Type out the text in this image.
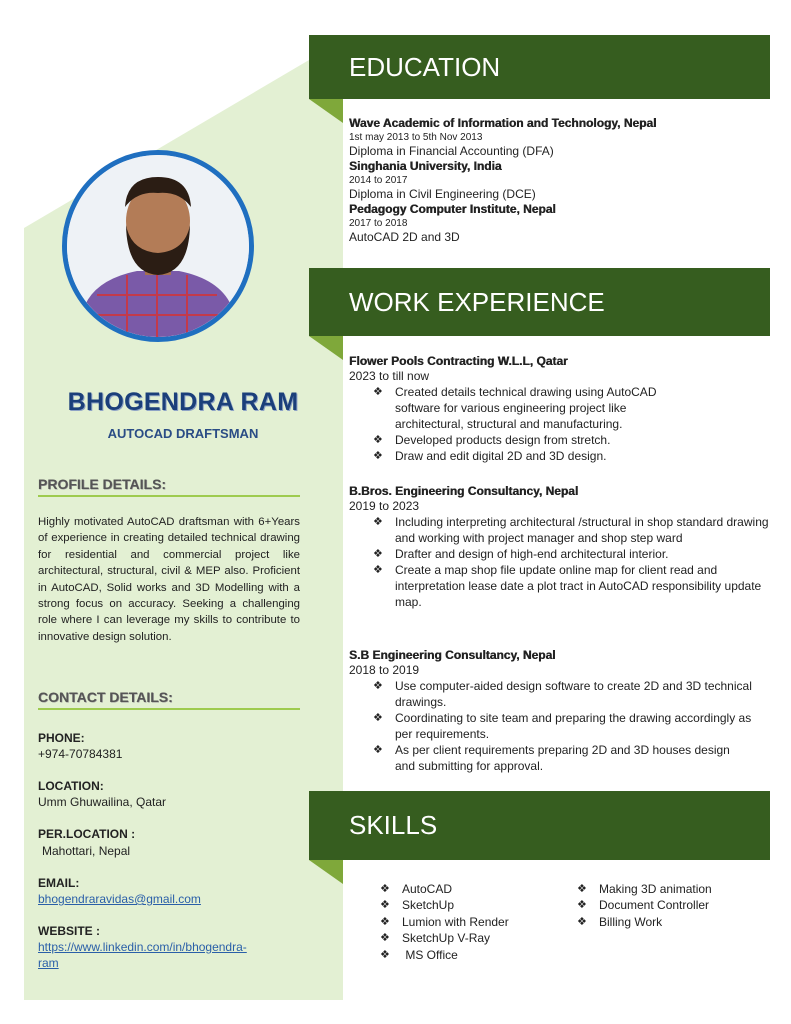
BHOGENDRA RAM
AUTOCAD DRAFTSMAN
PROFILE DETAILS:
Highly motivated AutoCAD draftsman with 6+Years of experience in creating detailed technical drawing for residential and commercial project like architectural, structural, civil & MEP also. Proficient in AutoCAD, Solid works and 3D Modelling with a strong focus on accuracy. Seeking a challenging role where I can leverage my skills to contribute to innovative design solution.
CONTACT DETAILS:
PHONE:
+974-70784381
LOCATION:
Umm Ghuwailina, Qatar
PER.LOCATION :
Mahottari, Nepal
EMAIL:
bhogendraravidas@gmail.com
WEBSITE :
https://www.linkedin.com/in/bhogendra-
ram
EDUCATION
Wave Academic of Information and Technology, Nepal
1st may 2013 to 5th Nov 2013
Diploma in Financial Accounting (DFA)
Singhania University, India
2014 to 2017
Diploma in Civil Engineering (DCE)
Pedagogy Computer Institute, Nepal
2017 to 2018
AutoCAD 2D and 3D
WORK EXPERIENCE
Flower Pools Contracting W.L.L, Qatar
2023 to till now
❖ Created details technical drawing using AutoCAD software for various engineering project like architectural, structural and manufacturing.
❖ Developed products design from stretch.
❖ Draw and edit digital 2D and 3D design.
B.Bros. Engineering Consultancy, Nepal
2019 to 2023
❖ Including interpreting architectural /structural in shop standard drawing and working with project manager and shop step ward
❖ Drafter and design of high-end architectural interior.
❖ Create a map shop file update online map for client read and interpretation lease date a plot tract in AutoCAD responsibility update map.
S.B Engineering Consultancy, Nepal
2018 to 2019
❖ Use computer-aided design software to create 2D and 3D technical drawings.
❖ Coordinating to site team and preparing the drawing accordingly as per requirements.
❖ As per client requirements preparing 2D and 3D houses design and submitting for approval.
SKILLS
❖ AutoCAD
❖ SketchUp
❖ Lumion with Render
❖ SketchUp V-Ray
❖  MS Office
❖ Making 3D animation
❖ Document Controller
❖ Billing Work
